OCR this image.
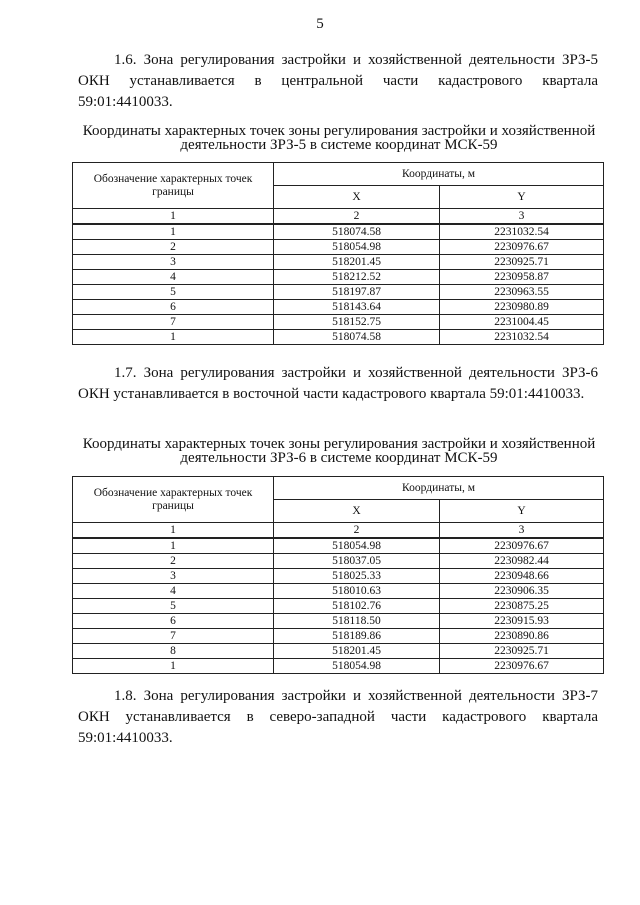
5

1.6. Зона регулирования застройки и хозяйственной деятельности ЗРЗ-5 ОКН устанавливается в центральной части кадастрового квартала 59:01:4410033.

Координаты характерных точек зоны регулирования застройки и хозяйственной
деятельности ЗРЗ-5 в системе координат МСК-59
Обозначение характерных точек границы	Координаты, м	
	X	Y
1	2	3
1	518074.58	2231032.54
2	518054.98	2230976.67
3	518201.45	2230925.71
4	518212.52	2230958.87
5	518197.87	2230963.55
6	518143.64	2230980.89
7	518152.75	2231004.45
1	518074.58	2231032.54

1.7. Зона регулирования застройки и хозяйственной деятельности ЗРЗ-6 ОКН устанавливается в восточной части кадастрового квартала 59:01:4410033.

Координаты характерных точек зоны регулирования застройки и хозяйственной
деятельности ЗРЗ-6 в системе координат МСК-59
Обозначение характерных точек границы	Координаты, м	
	X	Y
1	2	3
1	518054.98	2230976.67
2	518037.05	2230982.44
3	518025.33	2230948.66
4	518010.63	2230906.35
5	518102.76	2230875.25
6	518118.50	2230915.93
7	518189.86	2230890.86
8	518201.45	2230925.71
1	518054.98	2230976.67

1.8. Зона регулирования застройки и хозяйственной деятельности ЗРЗ-7 ОКН устанавливается в северо-западной части кадастрового квартала 59:01:4410033.
